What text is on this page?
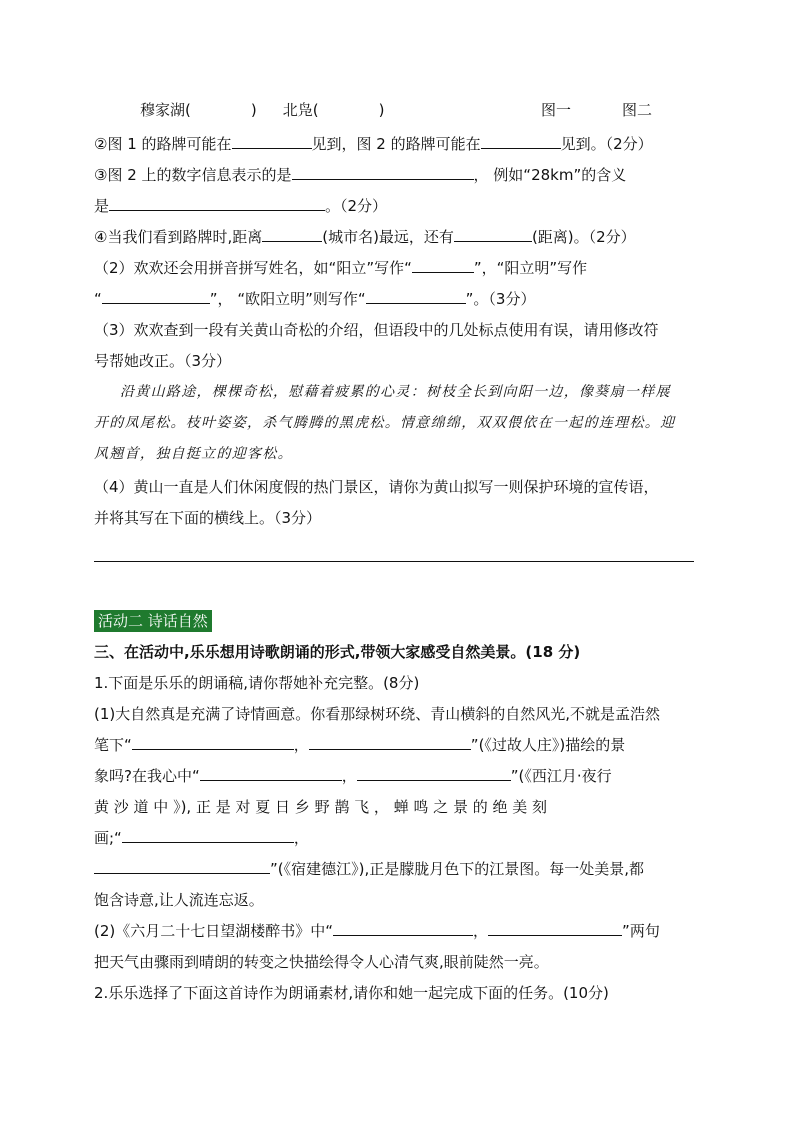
穆家湖(	) 北凫(	)	图一	图二
②图 1 的路牌可能在	见到，图 2 的路牌可能在	见到。（2分）
③图 2 上的数字信息表示的是	， 例如“28km”的含义
是	。（2分）
④当我们看到路牌时,距离	(城市名)最远，还有	(距离)。（2分）
（2）欢欢还会用拼音拼写姓名，如“阳立”写作“	”，“阳立明”写作
“	”， “欧阳立明”则写作“	”。（3分）
（3）欢欢查到一段有关黄山奇松的介绍，但语段中的几处标点使用有误，请用修改符
号帮她改正。（3分）
沿黄山路途，棵棵奇松，慰藉着疲累的心灵：树枝全长到向阳一边，像葵扇一样展
开的凤尾松。枝叶姿姿，杀气腾腾的黑虎松。情意绵绵，双双偎依在一起的连理松。迎
风翘首，独自挺立的迎客松。
（4）黄山一直是人们休闲度假的热门景区，请你为黄山拟写一则保护环境的宣传语，
并将其写在下面的横线上。（3分）
活动二 诗话自然
三、在活动中,乐乐想用诗歌朗诵的形式,带领大家感受自然美景。(18 分)
1.下面是乐乐的朗诵稿,请你帮她补充完整。(8分)
(1)大自然真是充满了诗情画意。你看那绿树环绕、青山横斜的自然风光,不就是孟浩然
笔下“	，	”(《过故人庄》)描绘的景
象吗?在我心中“	，	”(《西江月·夜行
黄 沙 道 中 》), 正 是 对 夏 日 乡 野 鹊 飞 ， 蝉 鸣 之 景 的 绝 美 刻
画;“	，
”(《宿建德江》),正是朦胧月色下的江景图。每一处美景,都
饱含诗意,让人流连忘返。
(2)《六月二十七日望湖楼醉书》中“	，	”两句
把天气由骤雨到晴朗的转变之快描绘得令人心清气爽,眼前陡然一亮。
2.乐乐选择了下面这首诗作为朗诵素材,请你和她一起完成下面的任务。(10分)
